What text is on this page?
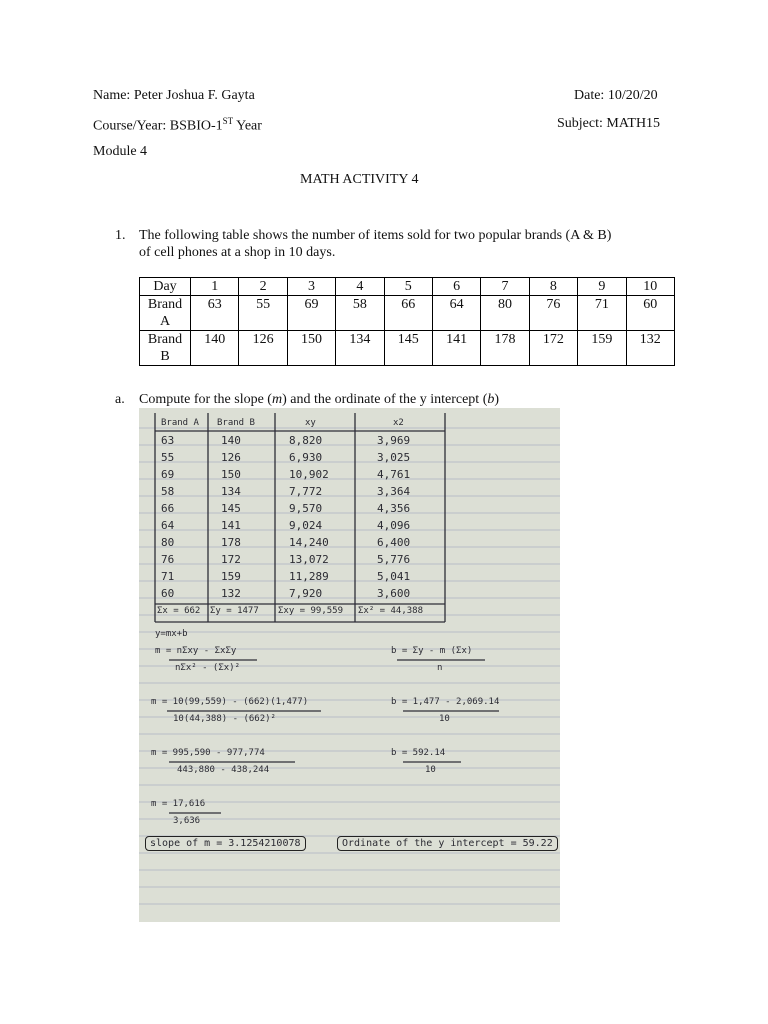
Name: Peter Joshua F. Gayta	Date: 10/20/20
Course/Year: BSBIO-1ST Year	Subject: MATH15
Module 4
MATH ACTIVITY 4
1. The following table shows the number of items sold for two popular brands (A & B)
of cell phones at a shop in 10 days.
Day	1	2	3	4	5	6	7	8	9	10
Brand
A	63	55	69	58	66	64	80	76	71	60
Brand
B	140	126	150	134	145	141	178	172	159	132
a. Compute for the slope (m) and the ordinate of the y intercept (b)
Brand A Brand B	xy	x2
63	140	8,820	3,969
55	126	6,930	3,025
69	150	10,902	4,761
58	134	7,772	3,364
66	145	9,570	4,356
64	141	9,024	4,096
80	178	14,240	6,400
76	172	13,072	5,776
71	159	11,289	5,041
60	132	7,920	3,600
Σx = 662 Σy = 1477 Σxy = 99,559 Σx² = 44,388
y=mx+b
m = nΣxy - ΣxΣy
nΣx² - (Σx)²
b = Σy - m (Σx)
n
m = 10(99,559) - (662)(1,477)
10(44,388) - (662)²
b = 1,477 - 2,069.14
10
m = 995,590 - 977,774
443,880 - 438,244
b = 592.14
10
m = 17,616
3,636
slope of m = 3.1254210078	Ordinate of the y intercept = 59.22
